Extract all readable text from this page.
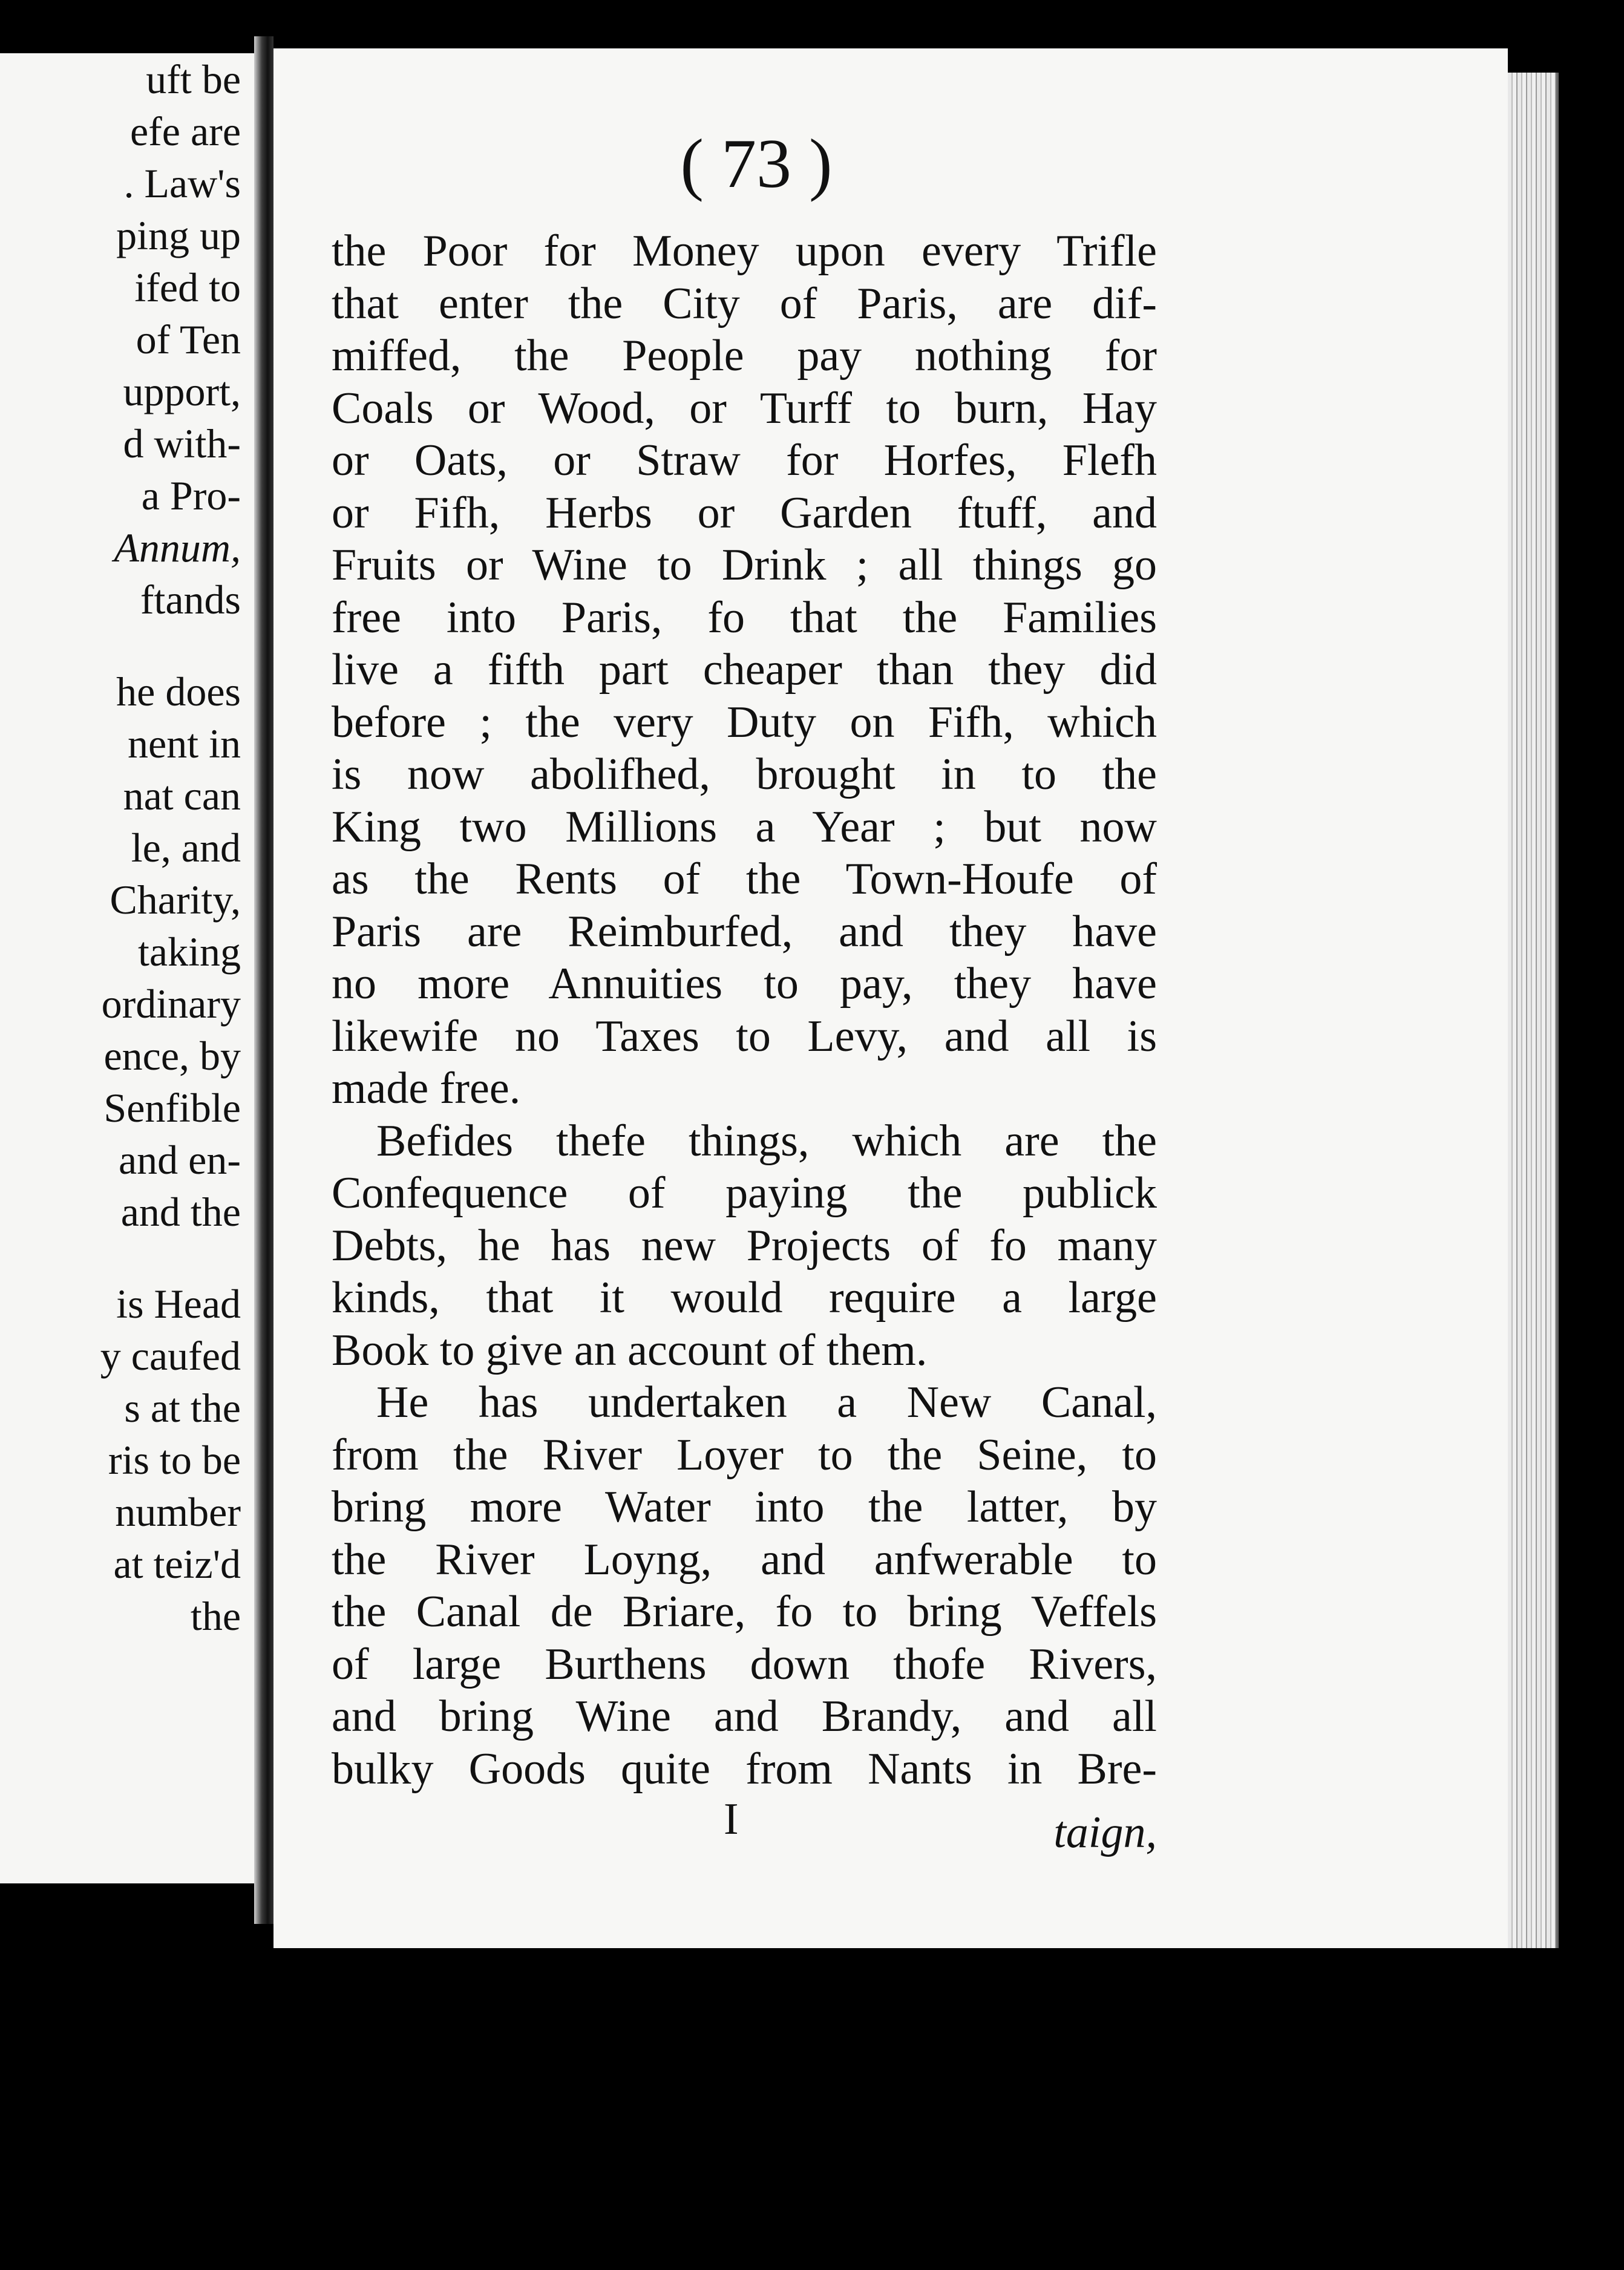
uft be
efe are
. Law's
ping up
ifed to
of Ten
upport,
d with-
a Pro-
Annum,
ftands
he does
nent in
nat can
le, and
Charity,
taking
ordinary
ence, by
Senfible
and en-
and the
is Head
y caufed
s at the
ris to be
number
at teiz'd
the
( 73 )

the Poor for Money upon every Trifle
that enter the City of Paris, are dif-
miffed, the People pay nothing for
Coals or Wood, or Turff to burn, Hay
or Oats, or Straw for Horfes, Flefh
or Fifh, Herbs or Garden ftuff, and
Fruits or Wine to Drink ; all things go
free into Paris, fo that the Families
live a fifth part cheaper than they did
before ; the very Duty on Fifh, which
is now abolifhed, brought in to the
King two Millions a Year ; but now
as the Rents of the Town-Houfe of
Paris are Reimburfed, and they have
no more Annuities to pay, they have
likewife no Taxes to Levy, and all is
made free.

Befides thefe things, which are the
Confequence of paying the publick
Debts, he has new Projects of fo many
kinds, that it would require a large
Book to give an account of them.

He has undertaken a New Canal,
from the River Loyer to the Seine, to
bring more Water into the latter, by
the River Loyng, and anfwerable to
the Canal de Briare, fo to bring Veffels
of large Burthens down thofe Rivers,
and bring Wine and Brandy, and all
bulky Goods quite from Nants in Bre-

I	taign,
